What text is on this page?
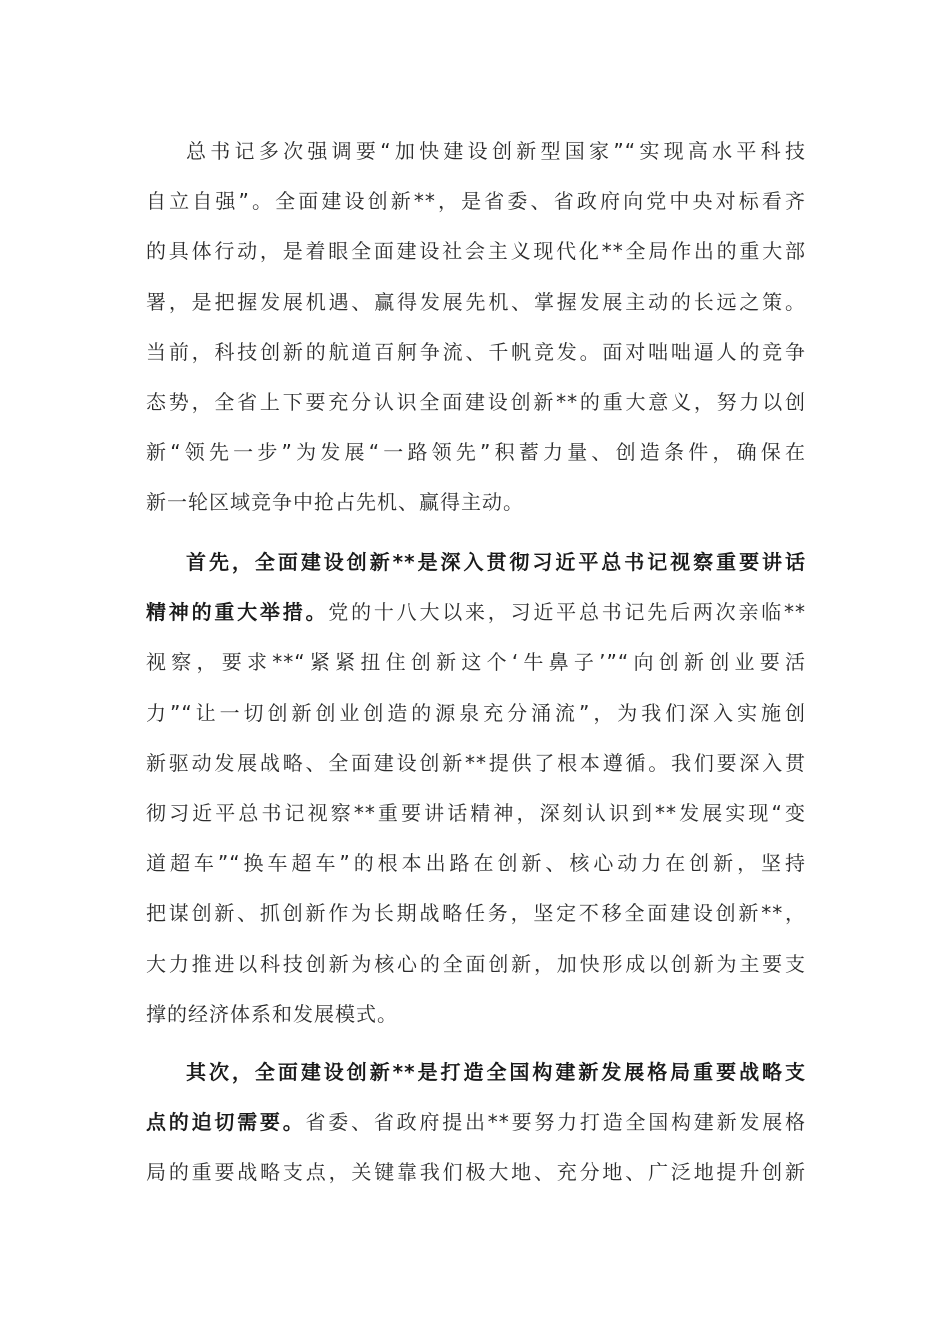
总书记多次强调要“加快建设创新型国家”“实现高水平科技
自立自强”。全面建设创新**，是省委、省政府向党中央对标看齐
的具体行动，是着眼全面建设社会主义现代化**全局作出的重大部
署，是把握发展机遇、赢得发展先机、掌握发展主动的长远之策。
当前，科技创新的航道百舸争流、千帆竞发。面对咄咄逼人的竞争
态势，全省上下要充分认识全面建设创新**的重大意义，努力以创
新“领先一步”为发展“一路领先”积蓄力量、创造条件，确保在
新一轮区域竞争中抢占先机、赢得主动。
首先，全面建设创新**是深入贯彻习近平总书记视察重要讲话
精神的重大举措。党的十八大以来，习近平总书记先后两次亲临**
视察，要求**“紧紧扭住创新这个‘牛鼻子’”“向创新创业要活
力”“让一切创新创业创造的源泉充分涌流”，为我们深入实施创
新驱动发展战略、全面建设创新**提供了根本遵循。我们要深入贯
彻习近平总书记视察**重要讲话精神，深刻认识到**发展实现“变
道超车”“换车超车”的根本出路在创新、核心动力在创新，坚持
把谋创新、抓创新作为长期战略任务，坚定不移全面建设创新**，
大力推进以科技创新为核心的全面创新，加快形成以创新为主要支
撑的经济体系和发展模式。
其次，全面建设创新**是打造全国构建新发展格局重要战略支
点的迫切需要。省委、省政府提出**要努力打造全国构建新发展格
局的重要战略支点，关键靠我们极大地、充分地、广泛地提升创新
